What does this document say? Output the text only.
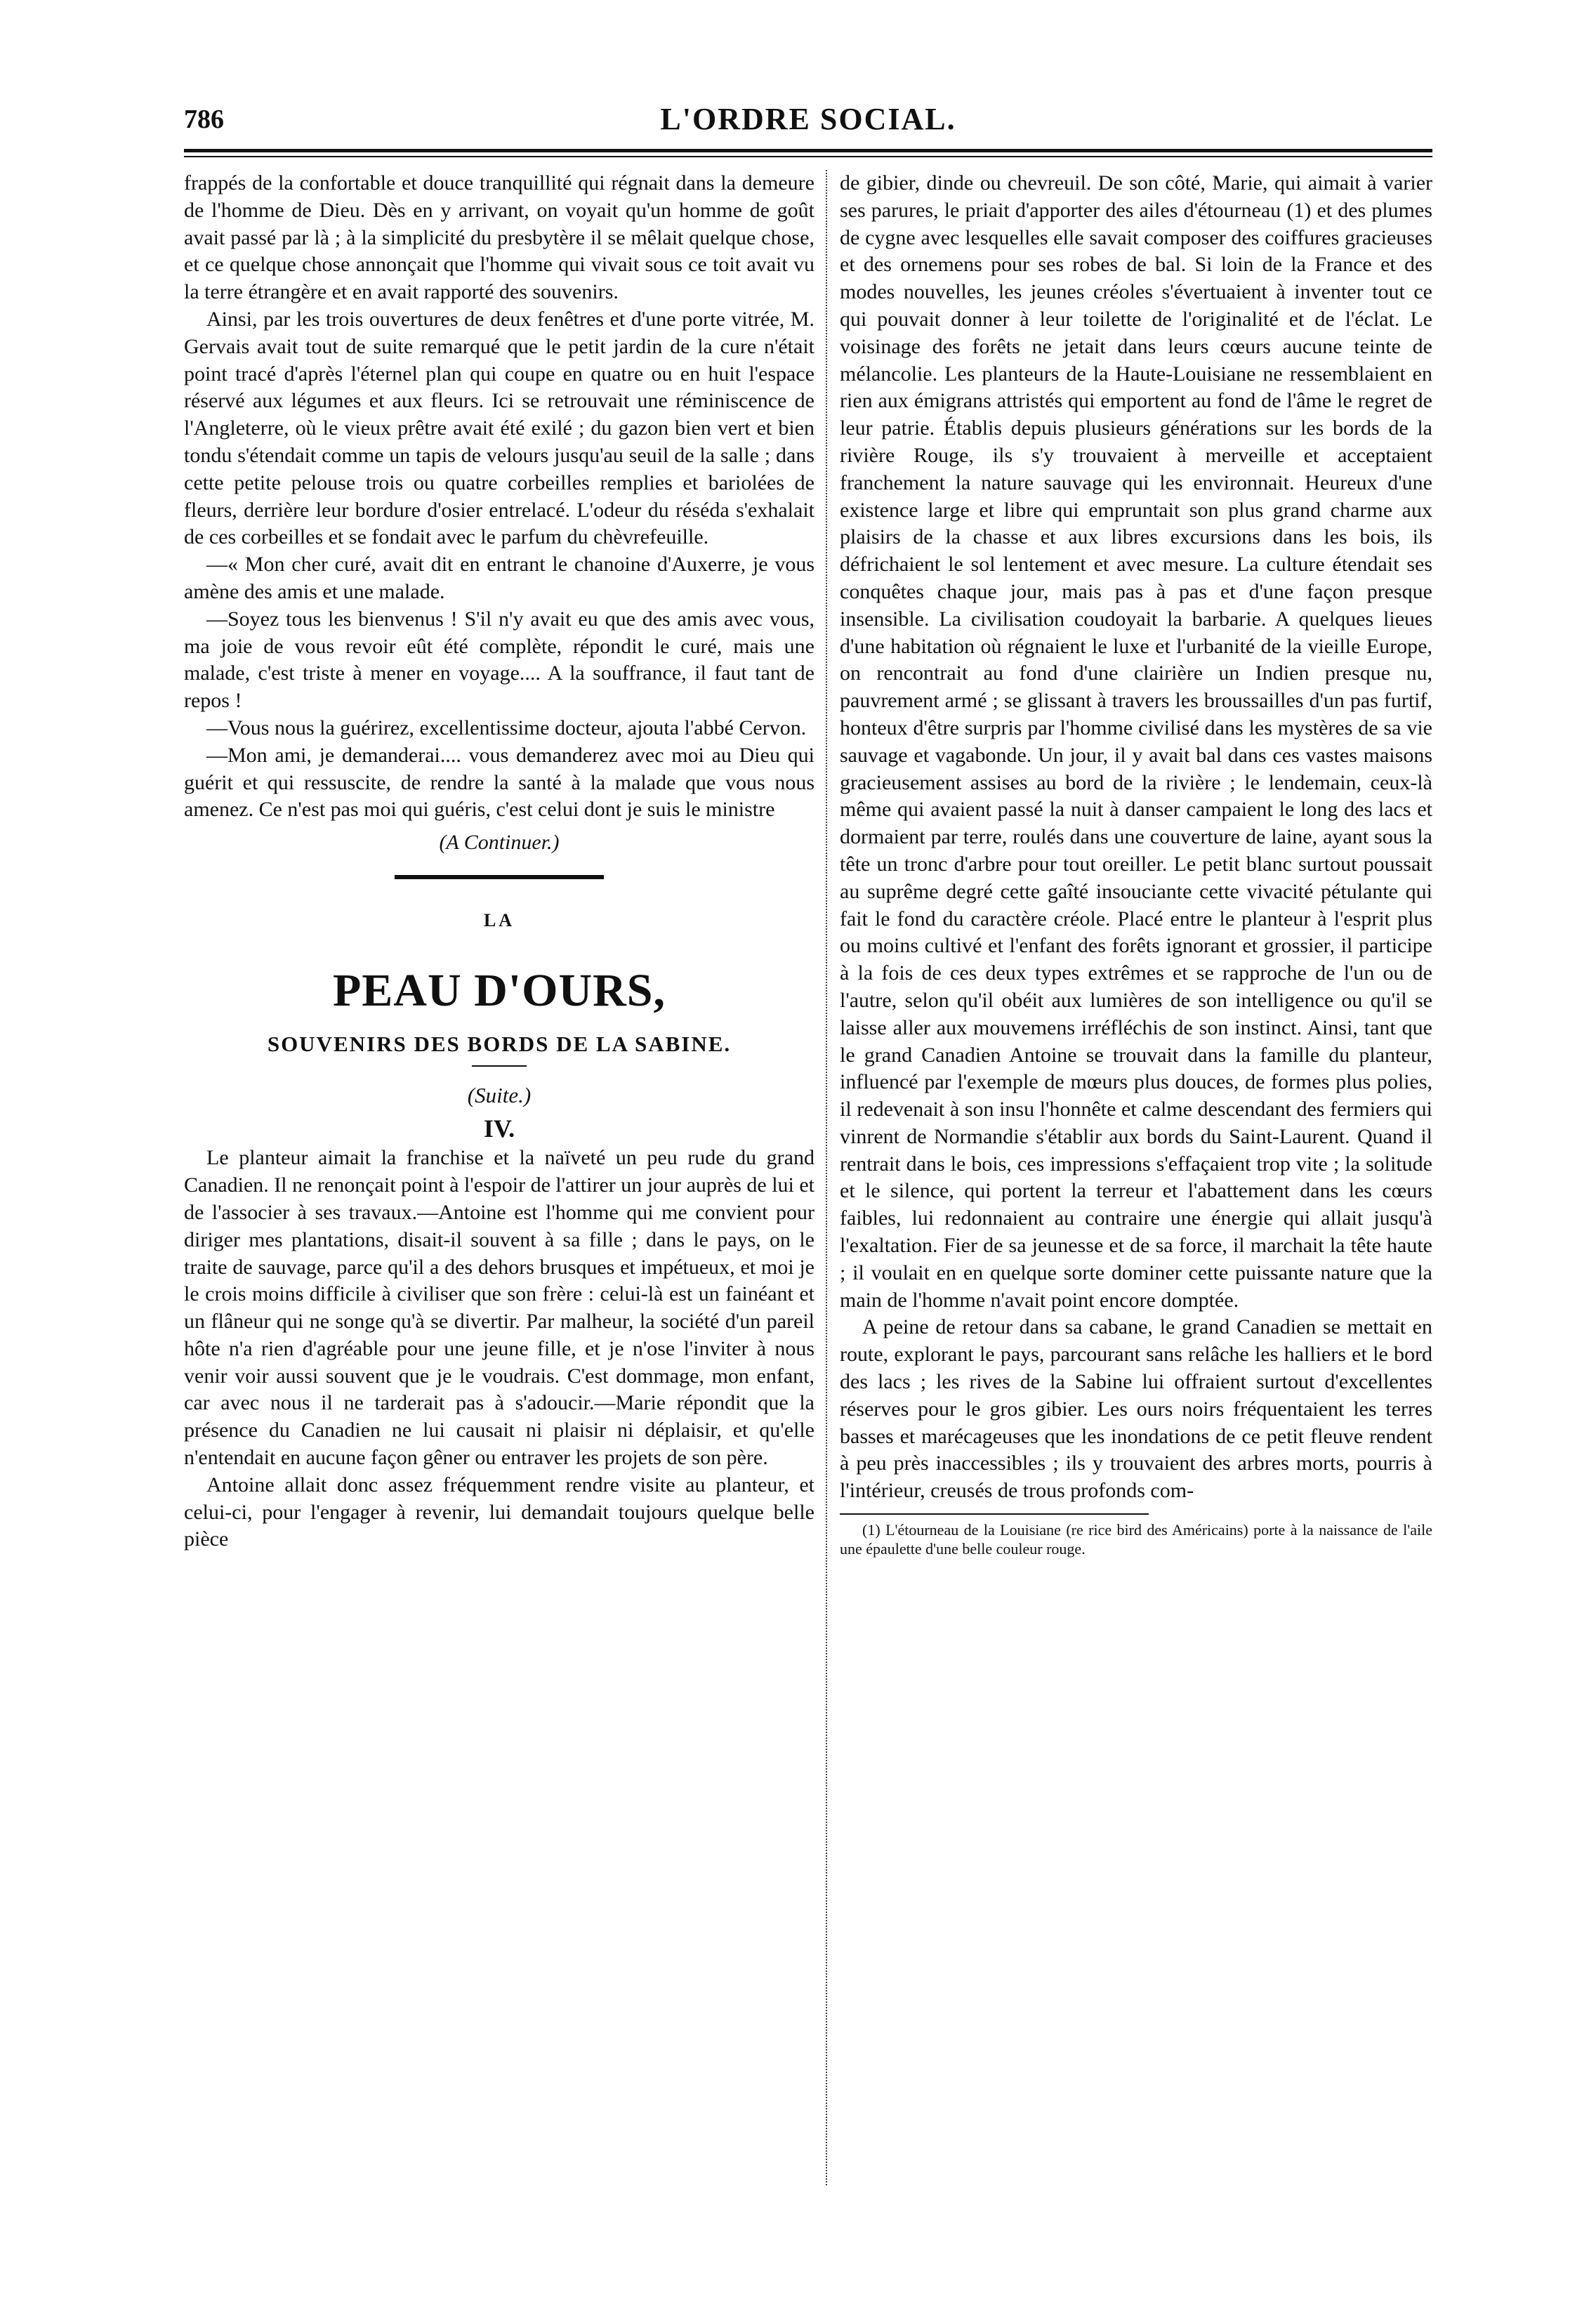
786	L'ORDRE SOCIAL.

frappés de la confortable et douce tranquillité qui régnait dans la demeure de l'homme de Dieu. Dès en y arrivant, on voyait qu'un homme de goût avait passé par là ; à la simplicité du presbytère il se mêlait quelque chose, et ce quelque chose annonçait que l'homme qui vivait sous ce toit avait vu la terre étrangère et en avait rapporté des souvenirs.

Ainsi, par les trois ouvertures de deux fenêtres et d'une porte vitrée, M. Gervais avait tout de suite remarqué que le petit jardin de la cure n'était point tracé d'après l'éternel plan qui coupe en quatre ou en huit l'espace réservé aux légumes et aux fleurs. Ici se retrouvait une réminiscence de l'Angleterre, où le vieux prêtre avait été exilé ; du gazon bien vert et bien tondu s'étendait comme un tapis de velours jusqu'au seuil de la salle ; dans cette petite pelouse trois ou quatre corbeilles remplies et bariolées de fleurs, derrière leur bordure d'osier entrelacé. L'odeur du réséda s'exhalait de ces corbeilles et se fondait avec le parfum du chèvrefeuille.

—« Mon cher curé, avait dit en entrant le chanoine d'Auxerre, je vous amène des amis et une malade.

—Soyez tous les bienvenus ! S'il n'y avait eu que des amis avec vous, ma joie de vous revoir eût été complète, répondit le curé, mais une malade, c'est triste à mener en voyage.... A la souffrance, il faut tant de repos !

—Vous nous la guérirez, excellentissime docteur, ajouta l'abbé Cervon.

—Mon ami, je demanderai.... vous demanderez avec moi au Dieu qui guérit et qui ressuscite, de rendre la santé à la malade que vous nous amenez. Ce n'est pas moi qui guéris, c'est celui dont je suis le ministre

(A Continuer.)

LA

PEAU D'OURS,

SOUVENIRS DES BORDS DE LA SABINE.

(Suite.)

IV.

Le planteur aimait la franchise et la naïveté un peu rude du grand Canadien. Il ne renonçait point à l'espoir de l'attirer un jour auprès de lui et de l'associer à ses travaux.—Antoine est l'homme qui me convient pour diriger mes plantations, disait-il souvent à sa fille ; dans le pays, on le traite de sauvage, parce qu'il a des dehors brusques et impétueux, et moi je le crois moins difficile à civiliser que son frère : celui-là est un fainéant et un flâneur qui ne songe qu'à se divertir. Par malheur, la société d'un pareil hôte n'a rien d'agréable pour une jeune fille, et je n'ose l'inviter à nous venir voir aussi souvent que je le voudrais. C'est dommage, mon enfant, car avec nous il ne tarderait pas à s'adoucir.—Marie répondit que la présence du Canadien ne lui causait ni plaisir ni déplaisir, et qu'elle n'entendait en aucune façon gêner ou entraver les projets de son père.

Antoine allait donc assez fréquemment rendre visite au planteur, et celui-ci, pour l'engager à revenir, lui demandait toujours quelque belle pièce

de gibier, dinde ou chevreuil. De son côté, Marie, qui aimait à varier ses parures, le priait d'apporter des ailes d'étourneau (1) et des plumes de cygne avec lesquelles elle savait composer des coiffures gracieuses et des ornemens pour ses robes de bal. Si loin de la France et des modes nouvelles, les jeunes créoles s'évertuaient à inventer tout ce qui pouvait donner à leur toilette de l'originalité et de l'éclat. Le voisinage des forêts ne jetait dans leurs cœurs aucune teinte de mélancolie. Les planteurs de la Haute-Louisiane ne ressemblaient en rien aux émigrans attristés qui emportent au fond de l'âme le regret de leur patrie. Établis depuis plusieurs générations sur les bords de la rivière Rouge, ils s'y trouvaient à merveille et acceptaient franchement la nature sauvage qui les environnait. Heureux d'une existence large et libre qui empruntait son plus grand charme aux plaisirs de la chasse et aux libres excursions dans les bois, ils défrichaient le sol lentement et avec mesure. La culture étendait ses conquêtes chaque jour, mais pas à pas et d'une façon presque insensible. La civilisation coudoyait la barbarie. A quelques lieues d'une habitation où régnaient le luxe et l'urbanité de la vieille Europe, on rencontrait au fond d'une clairière un Indien presque nu, pauvrement armé ; se glissant à travers les broussailles d'un pas furtif, honteux d'être surpris par l'homme civilisé dans les mystères de sa vie sauvage et vagabonde. Un jour, il y avait bal dans ces vastes maisons gracieusement assises au bord de la rivière ; le lendemain, ceux-là même qui avaient passé la nuit à danser campaient le long des lacs et dormaient par terre, roulés dans une couverture de laine, ayant sous la tête un tronc d'arbre pour tout oreiller. Le petit blanc surtout poussait au suprême degré cette gaîté insouciante cette vivacité pétulante qui fait le fond du caractère créole. Placé entre le planteur à l'esprit plus ou moins cultivé et l'enfant des forêts ignorant et grossier, il participe à la fois de ces deux types extrêmes et se rapproche de l'un ou de l'autre, selon qu'il obéit aux lumières de son intelligence ou qu'il se laisse aller aux mouvemens irréfléchis de son instinct. Ainsi, tant que le grand Canadien Antoine se trouvait dans la famille du planteur, influencé par l'exemple de mœurs plus douces, de formes plus polies, il redevenait à son insu l'honnête et calme descendant des fermiers qui vinrent de Normandie s'établir aux bords du Saint-Laurent. Quand il rentrait dans le bois, ces impressions s'effaçaient trop vite ; la solitude et le silence, qui portent la terreur et l'abattement dans les cœurs faibles, lui redonnaient au contraire une énergie qui allait jusqu'à l'exaltation. Fier de sa jeunesse et de sa force, il marchait la tête haute ; il voulait en en quelque sorte dominer cette puissante nature que la main de l'homme n'avait point encore domptée.

A peine de retour dans sa cabane, le grand Canadien se mettait en route, explorant le pays, parcourant sans relâche les halliers et le bord des lacs ; les rives de la Sabine lui offraient surtout d'excellentes réserves pour le gros gibier. Les ours noirs fréquentaient les terres basses et marécageuses que les inondations de ce petit fleuve rendent à peu près inaccessibles ; ils y trouvaient des arbres morts, pourris à l'intérieur, creusés de trous profonds com-

(1) L'étourneau de la Louisiane (re rice bird des Américains) porte à la naissance de l'aile une épaulette d'une belle couleur rouge.
